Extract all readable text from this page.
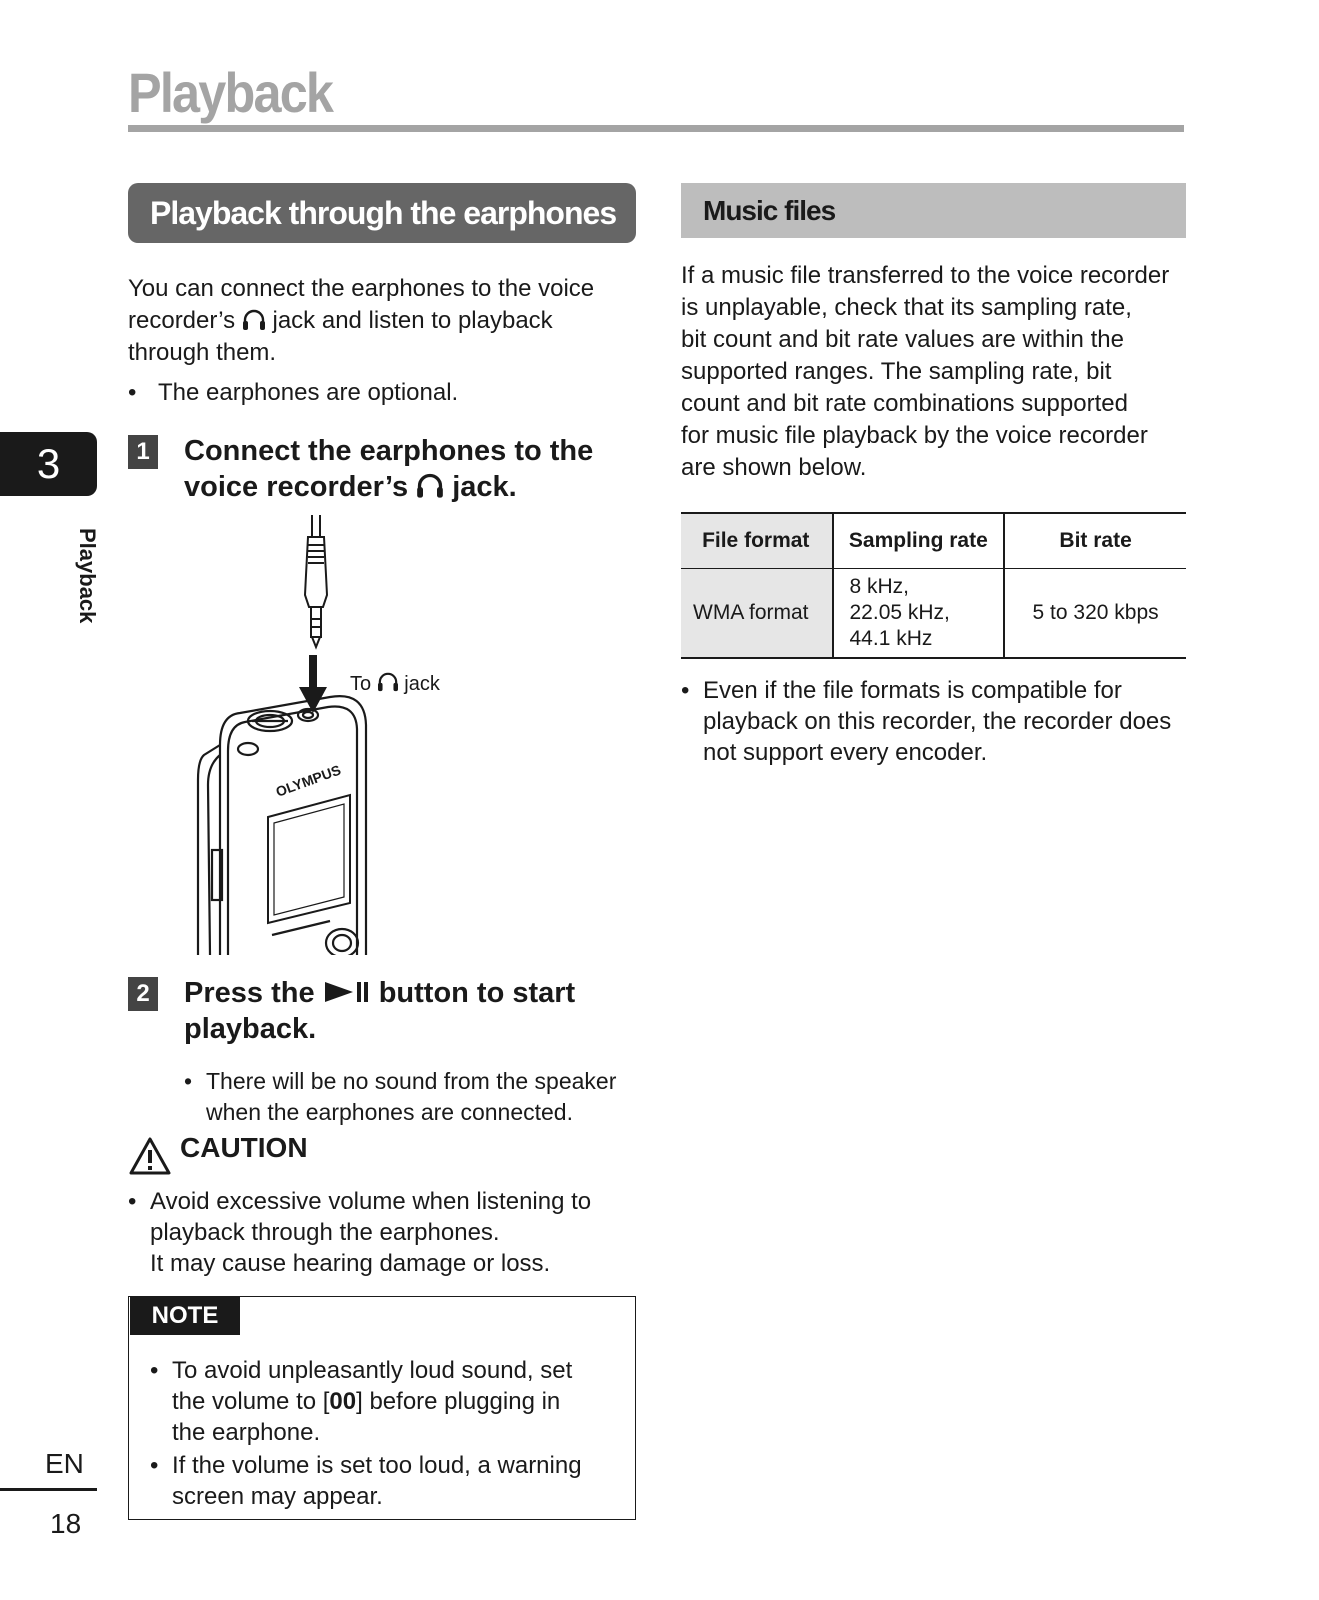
Playback
3
Playback
EN
18
Playback through the earphones
You can connect the earphones to the voice
recorder’s jack and listen to playback
through them.
• The earphones are optional.
1 Connect the earphones to the
voice recorder’s jack.
OLYMPUS
To jack
2 Press the button to start
playback.
• There will be no sound from the speaker
when the earphones are connected.
CAUTION
• Avoid excessive volume when listening to
playback through the earphones.
It may cause hearing damage or loss.
NOTE
• To avoid unpleasantly loud sound, set
the volume to [00] before plugging in
the earphone.
• If the volume is set too loud, a warning
screen may appear.
Music files
If a music file transferred to the voice recorder
is unplayable, check that its sampling rate,
bit count and bit rate values are within the
supported ranges. The sampling rate, bit
count and bit rate combinations supported
for music file playback by the voice recorder
are shown below.
File format	Sampling rate	Bit rate
WMA format	8 kHz,
22.05 kHz,
44.1 kHz	5 to 320 kbps
• Even if the file formats is compatible for
playback on this recorder, the recorder does
not support every encoder.
